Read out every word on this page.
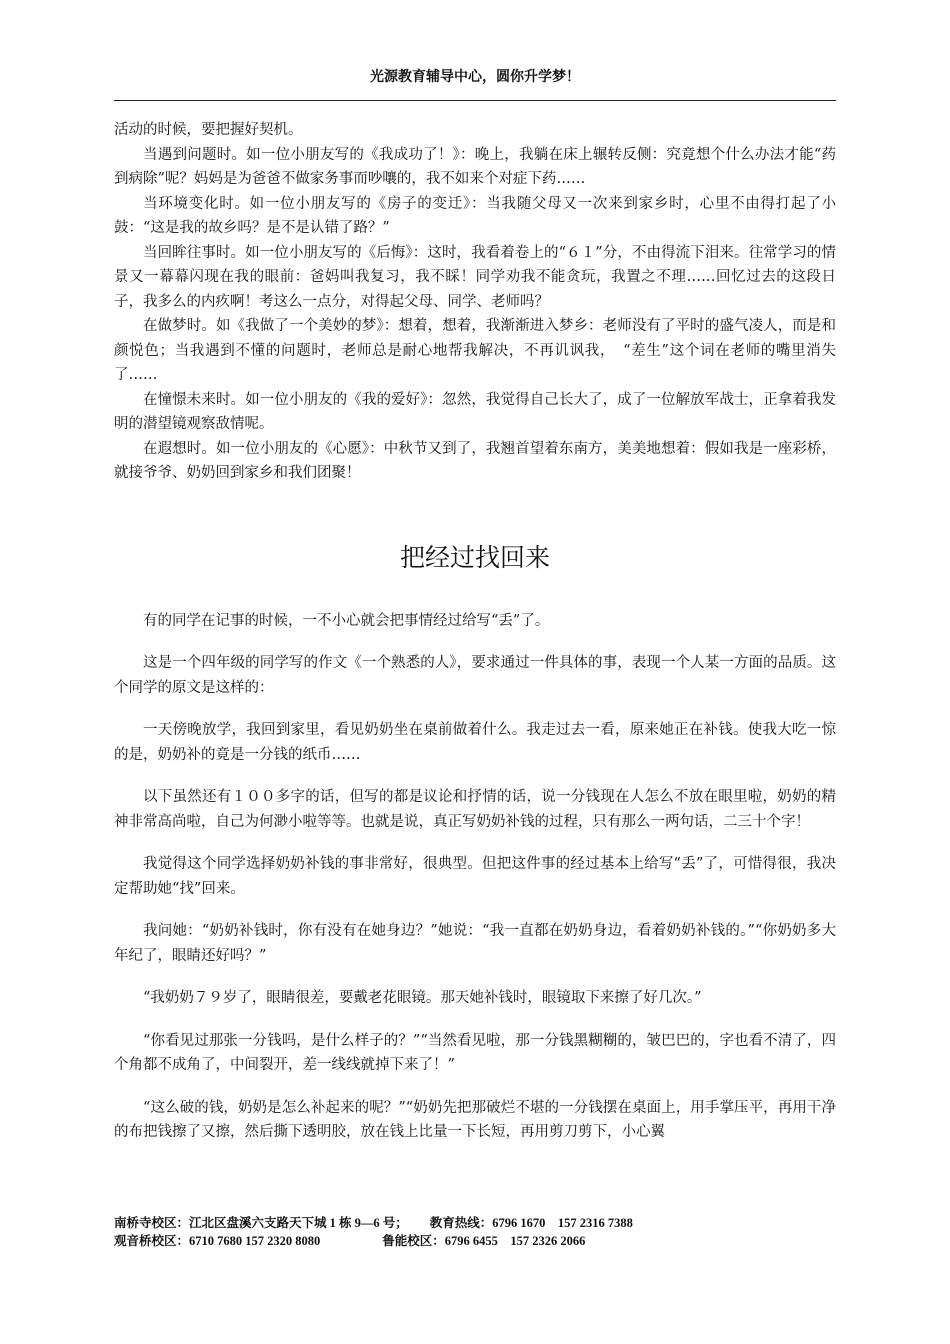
光源教育辅导中心，圆你升学梦！

活动的时候，要把握好契机。

当遇到问题时。如一位小朋友写的《我成功了！》：晚上，我躺在床上辗转反侧：究竟想个什么办法才能“药到病除”呢？妈妈是为爸爸不做家务事而吵嚷的，我不如来个对症下药……

当环境变化时。如一位小朋友写的《房子的变迁》：当我随父母又一次来到家乡时，心里不由得打起了小鼓：“这是我的故乡吗？是不是认错了路？”

当回眸往事时。如一位小朋友写的《后悔》：这时，我看着卷上的“６１”分，不由得流下泪来。往常学习的情景又一幕幕闪现在我的眼前：爸妈叫我复习，我不睬！同学劝我不能贪玩，我置之不理……回忆过去的这段日子，我多么的内疚啊！考这么一点分，对得起父母、同学、老师吗？

在做梦时。如《我做了一个美妙的梦》：想着，想着，我渐渐进入梦乡：老师没有了平时的盛气凌人，而是和颜悦色；当我遇到不懂的问题时，老师总是耐心地帮我解决，不再讥讽我，　“差生”这个词在老师的嘴里消失了……

在憧憬未来时。如一位小朋友的《我的爱好》：忽然，我觉得自己长大了，成了一位解放军战士，正拿着我发明的潜望镜观察敌情呢。

在遐想时。如一位小朋友的《心愿》：中秋节又到了，我翘首望着东南方，美美地想着：假如我是一座彩桥，就接爷爷、奶奶回到家乡和我们团聚！

把经过找回来

有的同学在记事的时候，一不小心就会把事情经过给写“丢”了。

这是一个四年级的同学写的作文《一个熟悉的人》，要求通过一件具体的事，表现一个人某一方面的品质。这个同学的原文是这样的：

一天傍晚放学，我回到家里，看见奶奶坐在桌前做着什么。我走过去一看，原来她正在补钱。使我大吃一惊的是，奶奶补的竟是一分钱的纸币……

以下虽然还有１００多字的话，但写的都是议论和抒情的话，说一分钱现在人怎么不放在眼里啦，奶奶的精神非常高尚啦，自己为何渺小啦等等。也就是说，真正写奶奶补钱的过程，只有那么一两句话，二三十个字！

我觉得这个同学选择奶奶补钱的事非常好，很典型。但把这件事的经过基本上给写“丢”了，可惜得很，我决定帮助她“找”回来。

我问她：“奶奶补钱时，你有没有在她身边？”她说：“我一直都在奶奶身边，看着奶奶补钱的。”“你奶奶多大年纪了，眼睛还好吗？”

“我奶奶７９岁了，眼睛很差，要戴老花眼镜。那天她补钱时，眼镜取下来擦了好几次。”

“你看见过那张一分钱吗，是什么样子的？”“当然看见啦，那一分钱黑糊糊的，皱巴巴的，字也看不清了，四个角都不成角了，中间裂开，差一线线就掉下来了！”

“这么破的钱，奶奶是怎么补起来的呢？”“奶奶先把那破烂不堪的一分钱摆在桌面上，用手掌压平，再用干净的布把钱擦了又擦，然后撕下透明胶，放在钱上比量一下长短，再用剪刀剪下，小心翼

南桥寺校区：江北区盘溪六支路天下城 1 栋 9—6 号； 教育热线：6796 1670　157 2316 7388
观音桥校区：6710 7680 157 2320 8080	鲁能校区：6796 6455　157 2326 2066
